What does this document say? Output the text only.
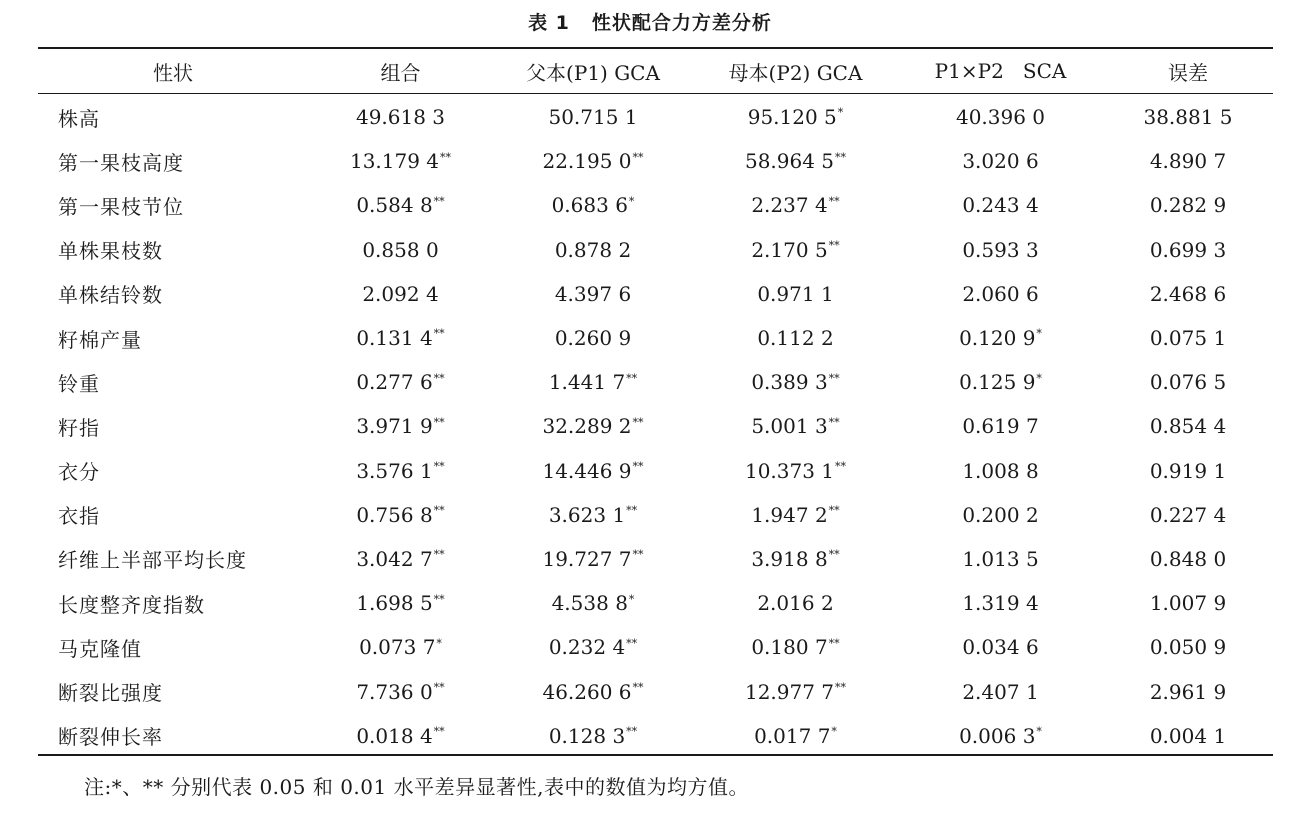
表 1 性状配合力方差分析
性状	组合	父本(P1) GCA	母本(P2) GCA	P1×P2   SCA	误差
株高	49.618 3	50.715 1	95.120 5*	40.396 0	38.881 5
第一果枝高度	13.179 4**	22.195 0**	58.964 5**	3.020 6	4.890 7
第一果枝节位	0.584 8**	0.683 6*	2.237 4**	0.243 4	0.282 9
单株果枝数	0.858 0	0.878 2	2.170 5**	0.593 3	0.699 3
单株结铃数	2.092 4	4.397 6	0.971 1	2.060 6	2.468 6
籽棉产量	0.131 4**	0.260 9	0.112 2	0.120 9*	0.075 1
铃重	0.277 6**	1.441 7**	0.389 3**	0.125 9*	0.076 5
籽指	3.971 9**	32.289 2**	5.001 3**	0.619 7	0.854 4
衣分	3.576 1**	14.446 9**	10.373 1**	1.008 8	0.919 1
衣指	0.756 8**	3.623 1**	1.947 2**	0.200 2	0.227 4
纤维上半部平均长度	3.042 7**	19.727 7**	3.918 8**	1.013 5	0.848 0
长度整齐度指数	1.698 5**	4.538 8*	2.016 2	1.319 4	1.007 9
马克隆值	0.073 7*	0.232 4**	0.180 7**	0.034 6	0.050 9
断裂比强度	7.736 0**	46.260 6**	12.977 7**	2.407 1	2.961 9
断裂伸长率	0.018 4**	0.128 3**	0.017 7*	0.006 3*	0.004 1
注:*、** 分别代表 0.05 和 0.01 水平差异显著性,表中的数值为均方值。
